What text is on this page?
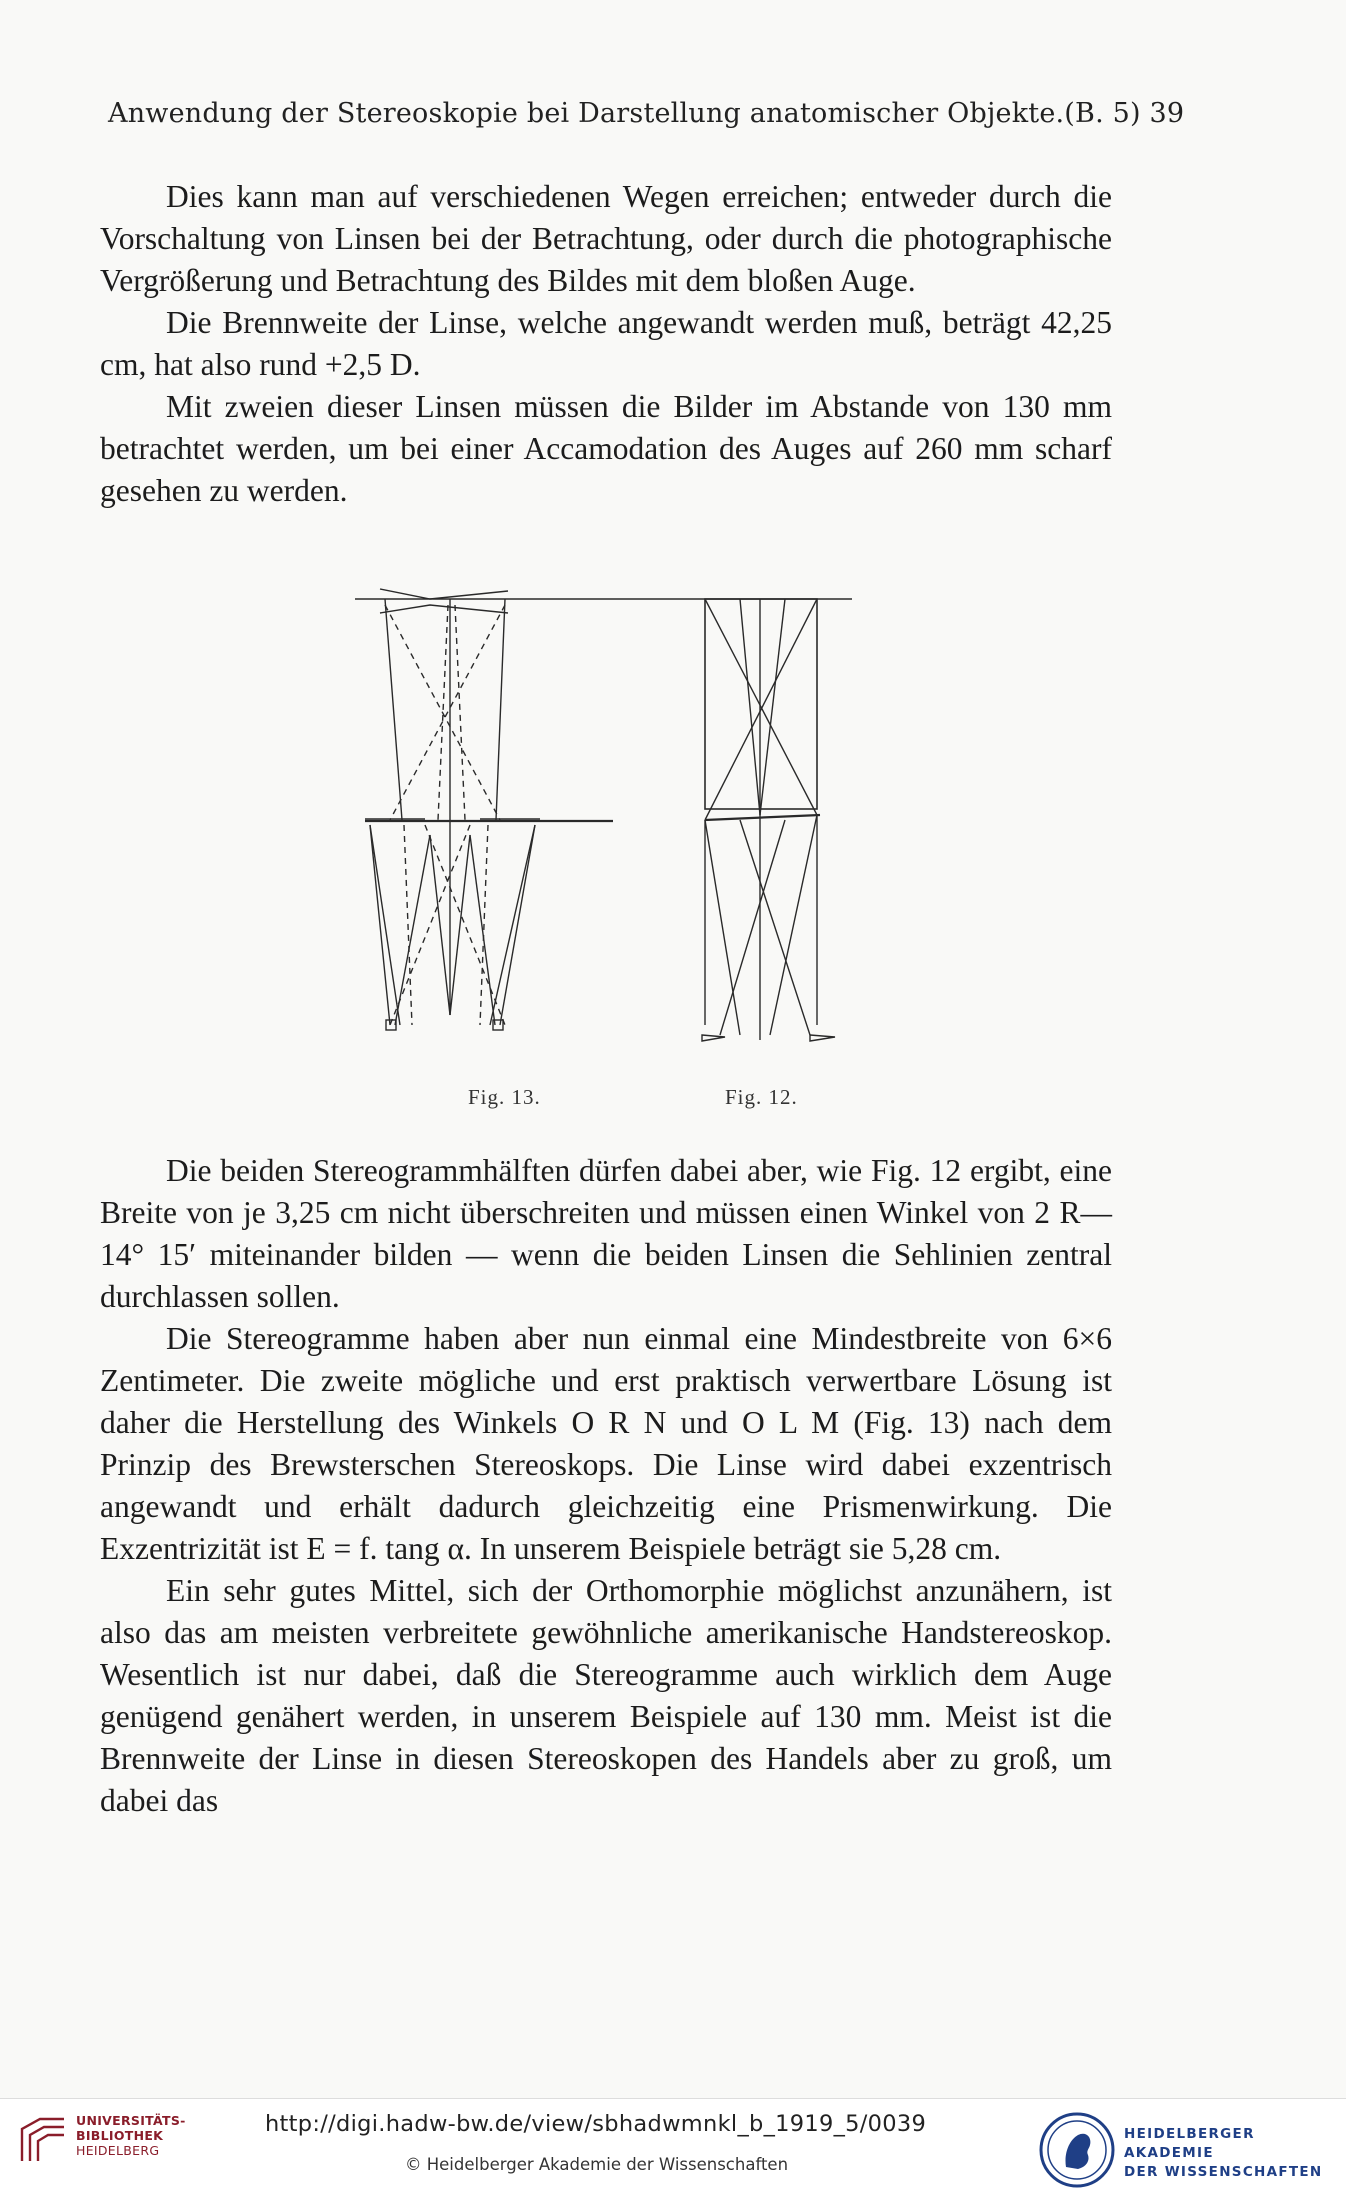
Anwendung der Stereoskopie bei Darstellung anatomischer Objekte. (B. 5) 39

Dies kann man auf verschiedenen Wegen erreichen; entweder durch die Vorschaltung von Linsen bei der Betrachtung, oder durch die photographische Vergrößerung und Betrachtung des Bildes mit dem bloßen Auge.

Die Brennweite der Linse, welche angewandt werden muß, beträgt 42,25 cm, hat also rund +2,5 D.

Mit zweien dieser Linsen müssen die Bilder im Abstande von 130 mm betrachtet werden, um bei einer Accamodation des Auges auf 260 mm scharf gesehen zu werden.

Fig. 13.	Fig. 12.

Die beiden Stereogrammhälften dürfen dabei aber, wie Fig. 12 ergibt, eine Breite von je 3,25 cm nicht überschreiten und müssen einen Winkel von 2 R—14° 15′ miteinander bilden — wenn die beiden Linsen die Sehlinien zentral durchlassen sollen.

Die Stereogramme haben aber nun einmal eine Mindestbreite von 6×6 Zentimeter. Die zweite mögliche und erst praktisch verwertbare Lösung ist daher die Herstellung des Winkels O R N und O L M (Fig. 13) nach dem Prinzip des Brewsterschen Stereoskops. Die Linse wird dabei exzentrisch angewandt und erhält dadurch gleichzeitig eine Prismenwirkung. Die Exzentrizität ist E = f. tang α. In unserem Beispiele beträgt sie 5,28 cm.

Ein sehr gutes Mittel, sich der Orthomorphie möglichst anzunähern, ist also das am meisten verbreitete gewöhnliche amerikanische Handstereoskop. Wesentlich ist nur dabei, daß die Stereogramme auch wirklich dem Auge genügend genähert werden, in unserem Beispiele auf 130 mm. Meist ist die Brennweite der Linse in diesen Stereoskopen des Handels aber zu groß, um dabei das

UNIVERSITÄTS-
BIBLIOTHEK
HEIDELBERG
http://digi.hadw-bw.de/view/sbhadwmnkl_b_1919_5/0039
© Heidelberger Akademie der Wissenschaften
HEIDELBERGER AKADEMIE
DER WISSENSCHAFTEN
